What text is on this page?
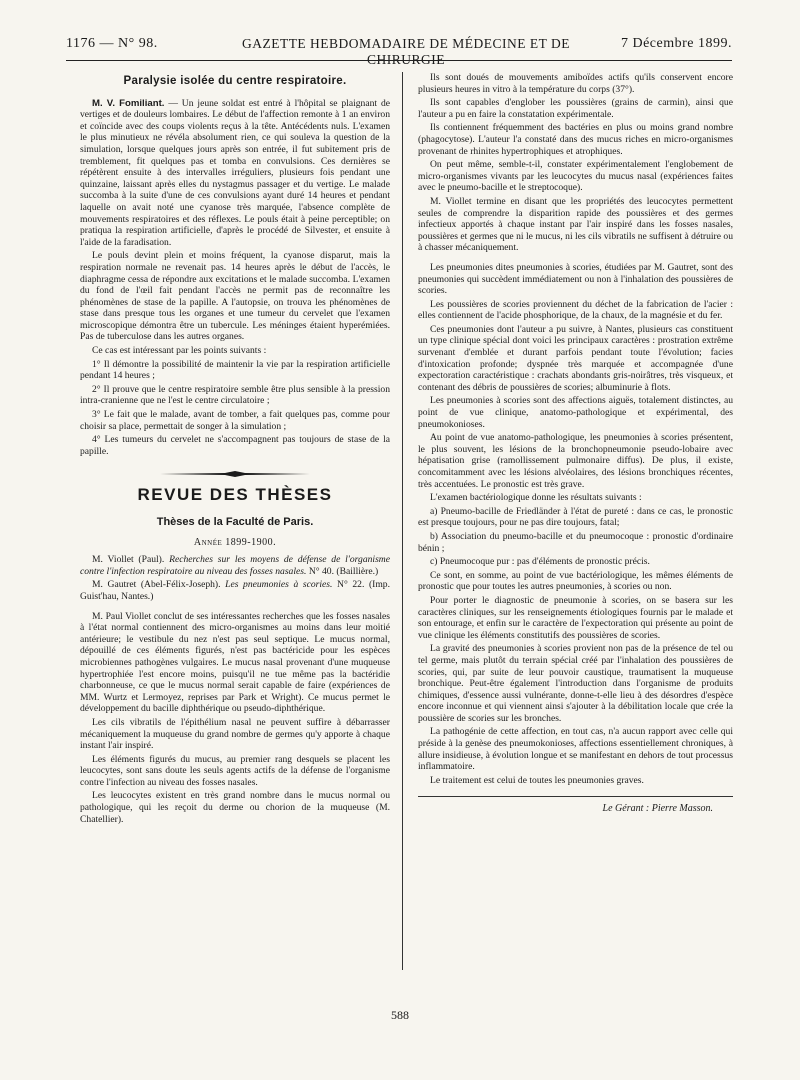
1176 — N° 98.	GAZETTE HEBDOMADAIRE DE MÉDECINE ET DE CHIRURGIE
7 Décembre 1899.
Paralysie isolée du centre respiratoire.

M. V. Fomiliant. — Un jeune soldat est entré à l'hôpital se plaignant de vertiges et de douleurs lombaires. Le début de l'affection remonte à 1 an environ et coïncide avec des coups violents reçus à la tête. Antécédents nuls. L'examen le plus minutieux ne révéla absolument rien, ce qui souleva la question de la simulation, lorsque quelques jours après son entrée, il fut subitement pris de tremblement, fit quelques pas et tomba en convulsions. Ces dernières se répétèrent ensuite à des intervalles irréguliers, plusieurs fois pendant une quinzaine, laissant après elles du nystagmus passager et du vertige. Le malade succomba à la suite d'une de ces convulsions ayant duré 14 heures et pendant laquelle on avait noté une cyanose très marquée, l'absence complète de mouvements respiratoires et des réflexes. Le pouls était à peine perceptible; on pratiqua la respiration artificielle, d'après le procédé de Silvester, et ensuite à l'aide de la faradisation.

Le pouls devint plein et moins fréquent, la cyanose disparut, mais la respiration normale ne revenait pas. 14 heures après le début de l'accès, le diaphragme cessa de répondre aux excitations et le malade succomba. L'examen du fond de l'œil fait pendant l'accès ne permit pas de reconnaître les phénomènes de stase de la papille. A l'autopsie, on trouva les phénomènes de stase dans presque tous les organes et une tumeur du cervelet que l'examen microscopique démontra être un tubercule. Les méninges étaient hyperémiées. Pas de tuberculose dans les autres organes.

Ce cas est intéressant par les points suivants :

1° Il démontre la possibilité de maintenir la vie par la respiration artificielle pendant 14 heures ;

2° Il prouve que le centre respiratoire semble être plus sensible à la pression intra-cranienne que ne l'est le centre circulatoire ;

3° Le fait que le malade, avant de tomber, a fait quelques pas, comme pour choisir sa place, permettait de songer à la simulation ;

4° Les tumeurs du cervelet ne s'accompagnent pas toujours de stase de la papille.

REVUE DES THÈSES
Thèses de la Faculté de Paris.
Année 1899-1900.

M. Viollet (Paul). Recherches sur les moyens de défense de l'organisme contre l'infection respiratoire au niveau des fosses nasales. N° 40. (Baillière.)

M. Gautret (Abel-Félix-Joseph). Les pneumonies à scories. N° 22. (Imp. Guist'hau, Nantes.)

M. Paul Viollet conclut de ses intéressantes recherches que les fosses nasales à l'état normal contiennent des micro-organismes au moins dans leur moitié antérieure; le vestibule du nez n'est pas seul septique. Le mucus normal, dépouillé de ces éléments figurés, n'est pas bactéricide pour les espèces microbiennes pathogènes vulgaires. Le mucus nasal provenant d'une muqueuse hypertrophiée l'est encore moins, puisqu'il ne tue même pas la bactéridie charbonneuse, ce que le mucus normal serait capable de faire (expériences de MM. Wurtz et Lermoyez, reprises par Park et Wright). Ce mucus permet le développement du bacille diphthérique ou pseudo-diphthérique.

Les cils vibratils de l'épithélium nasal ne peuvent suffire à débarrasser mécaniquement la muqueuse du grand nombre de germes qu'y apporte à chaque instant l'air inspiré.

Les éléments figurés du mucus, au premier rang desquels se placent les leucocytes, sont sans doute les seuls agents actifs de la défense de l'organisme contre l'infection au niveau des fosses nasales.

Les leucocytes existent en très grand nombre dans le mucus normal ou pathologique, qui les reçoit du derme ou chorion de la muqueuse (M. Chatellier).

Ils sont doués de mouvements amiboïdes actifs qu'ils conservent encore plusieurs heures in vitro à la température du corps (37°).

Ils sont capables d'englober les poussières (grains de carmin), ainsi que l'auteur a pu en faire la constatation expérimentale.

Ils contiennent fréquemment des bactéries en plus ou moins grand nombre (phagocytose). L'auteur l'a constaté dans des mucus riches en micro-organismes provenant de rhinites hypertrophiques et atrophiques.

On peut même, semble-t-il, constater expérimentalement l'englobement de micro-organismes vivants par les leucocytes du mucus nasal (expériences faites avec le pneumo-bacille et le streptocoque).

M. Viollet termine en disant que les propriétés des leucocytes permettent seules de comprendre la disparition rapide des poussières et des germes infectieux apportés à chaque instant par l'air inspiré dans les fosses nasales, poussières et germes que ni le mucus, ni les cils vibratils ne suffisent à détruire ou à chasser mécaniquement.

Les pneumonies dites pneumonies à scories, étudiées par M. Gautret, sont des pneumonies qui succèdent immédiatement ou non à l'inhalation des poussières de scories.

Les poussières de scories proviennent du déchet de la fabrication de l'acier : elles contiennent de l'acide phosphorique, de la chaux, de la magnésie et du fer.

Ces pneumonies dont l'auteur a pu suivre, à Nantes, plusieurs cas constituent un type clinique spécial dont voici les principaux caractères : prostration extrême survenant d'emblée et durant parfois pendant toute l'évolution; facies d'intoxication profonde; dyspnée très marquée et accompagnée d'une expectoration caractéristique : crachats abondants gris-noirâtres, très visqueux, et contenant des débris de poussières de scories; albuminurie à flots.

Les pneumonies à scories sont des affections aiguës, totalement distinctes, au point de vue clinique, anatomo-pathologique et expérimental, des pneumokonioses.

Au point de vue anatomo-pathologique, les pneumonies à scories présentent, le plus souvent, les lésions de la bronchopneumonie pseudo-lobaire avec hépatisation grise (ramollissement pulmonaire diffus). De plus, il existe, concomitamment avec les lésions alvéolaires, des lésions bronchiques récentes, très accentuées. Le pronostic est très grave.

L'examen bactériologique donne les résultats suivants :

a) Pneumo-bacille de Friedländer à l'état de pureté : dans ce cas, le pronostic est presque toujours, pour ne pas dire toujours, fatal;

b) Association du pneumo-bacille et du pneumocoque : pronostic d'ordinaire bénin ;

c) Pneumocoque pur : pas d'éléments de pronostic précis.

Ce sont, en somme, au point de vue bactériologique, les mêmes éléments de pronostic que pour toutes les autres pneumonies, à scories ou non.

Pour porter le diagnostic de pneumonie à scories, on se basera sur les caractères cliniques, sur les renseignements étiologiques fournis par le malade et son entourage, et enfin sur le caractère de l'expectoration qui présente au point de vue clinique les éléments constitutifs des poussières de scories.

La gravité des pneumonies à scories provient non pas de la présence de tel ou tel germe, mais plutôt du terrain spécial créé par l'inhalation des poussières de scories, qui, par suite de leur pouvoir caustique, traumatisent la muqueuse bronchique. Peut-être également l'introduction dans l'organisme de produits chimiques, d'essence aussi vulnérante, donne-t-elle lieu à des désordres d'espèce encore inconnue et qui viennent ainsi s'ajouter à la débilitation locale que crée la poussière de scories sur les bronches.

La pathogénie de cette affection, en tout cas, n'a aucun rapport avec celle qui préside à la genèse des pneumokonioses, affections essentiellement chroniques, à allure insidieuse, à évolution longue et se manifestant en dehors de tout processus inflammatoire.

Le traitement est celui de toutes les pneumonies graves.

Le Gérant : Pierre Masson.
588
